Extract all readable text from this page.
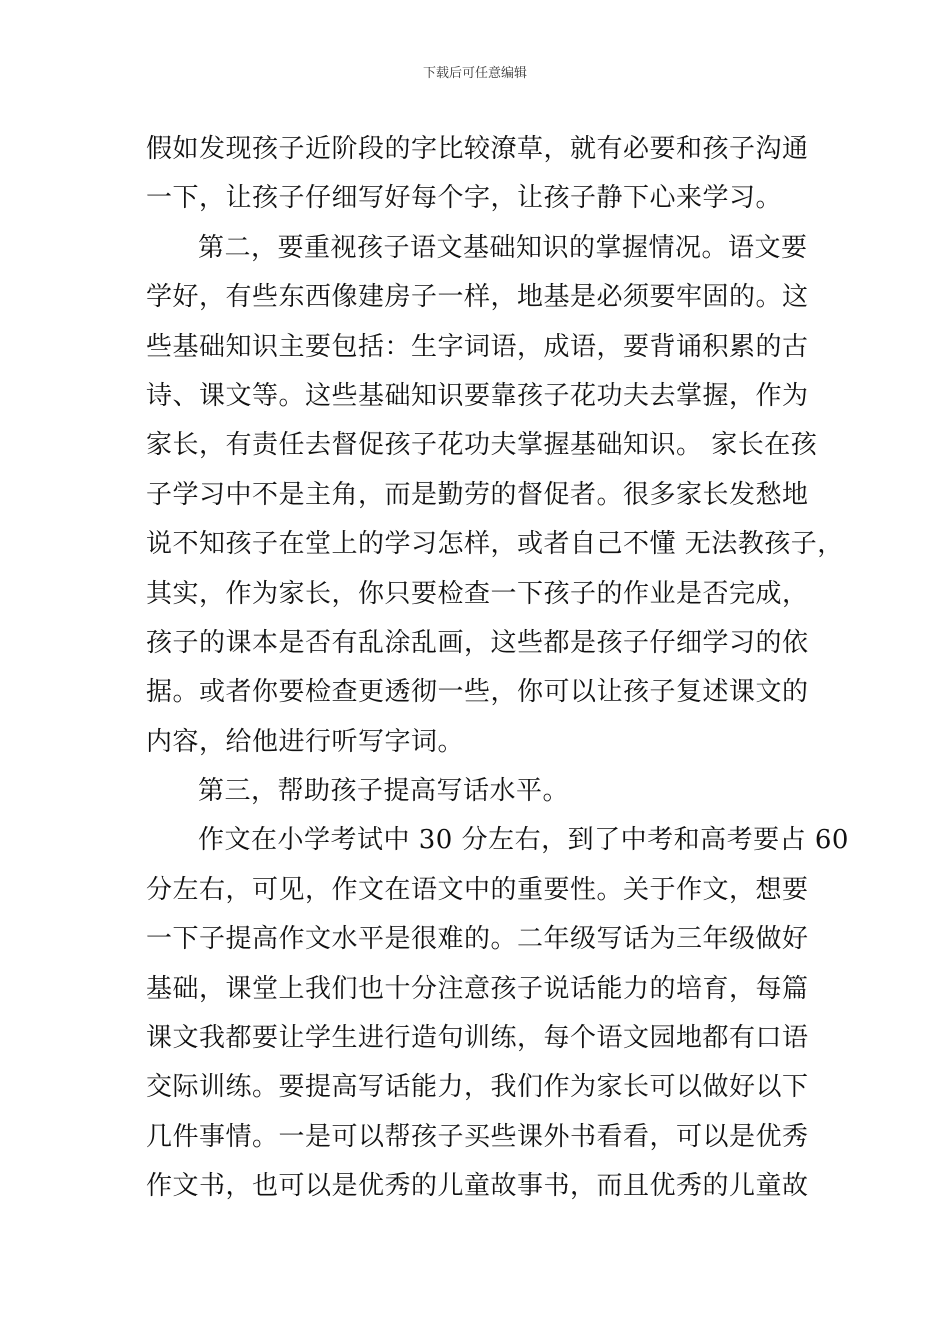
下载后可任意编辑
假如发现孩子近阶段的字比较潦草，就有必要和孩子沟通
一下，让孩子仔细写好每个字，让孩子静下心来学习。
第二，要重视孩子语文基础知识的掌握情况。语文要
学好，有些东西像建房子一样，地基是必须要牢固的。这
些基础知识主要包括：生字词语，成语，要背诵积累的古
诗、课文等。这些基础知识要靠孩子花功夫去掌握，作为
家长，有责任去督促孩子花功夫掌握基础知识。 家长在孩
子学习中不是主角，而是勤劳的督促者。很多家长发愁地
说不知孩子在堂上的学习怎样，或者自己不懂 无法教孩子，
其实，作为家长，你只要检查一下孩子的作业是否完成，
孩子的课本是否有乱涂乱画，这些都是孩子仔细学习的依
据。或者你要检查更透彻一些，你可以让孩子复述课文的
内容，给他进行听写字词。
第三，帮助孩子提高写话水平。
作文在小学考试中 30 分左右，到了中考和高考要占 60
分左右，可见，作文在语文中的重要性。关于作文，想要
一下子提高作文水平是很难的。二年级写话为三年级做好
基础，课堂上我们也十分注意孩子说话能力的培育，每篇
课文我都要让学生进行造句训练，每个语文园地都有口语
交际训练。要提高写话能力，我们作为家长可以做好以下
几件事情。一是可以帮孩子买些课外书看看，可以是优秀
作文书，也可以是优秀的儿童故事书，而且优秀的儿童故
